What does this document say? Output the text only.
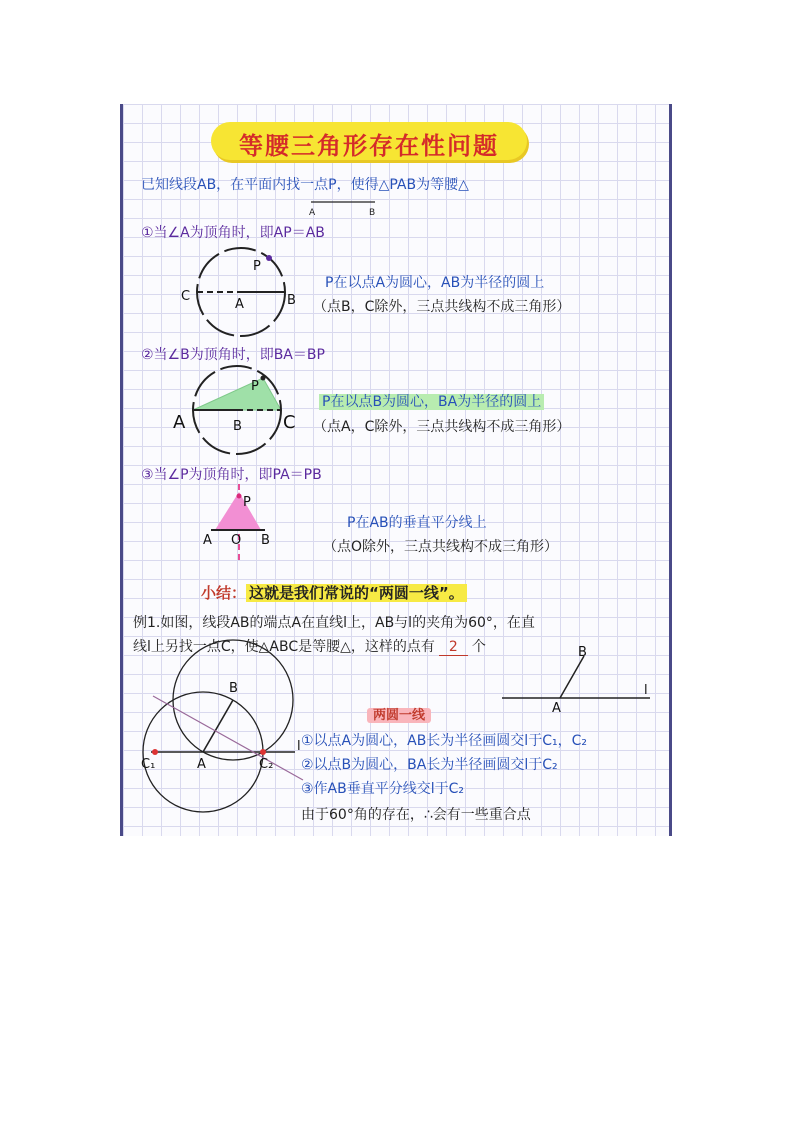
等腰三角形存在性问题
已知线段AB，在平面内找一点P，使得△PAB为等腰△
A	B
①当∠A为顶角时，即AP＝AB
P
A	B
C
P在以点A为圆心，AB为半径的圆上
（点B，C除外，三点共线构不成三角形）
②当∠B为顶角时，即BA＝BP
P
A	B C
P在以点B为圆心，BA为半径的圆上
（点A，C除外，三点共线构不成三角形）
③当∠P为顶角时，即PA＝PB
P
A O B
P在AB的垂直平分线上
（点O除外，三点共线构不成三角形）
小结： 这就是我们常说的“两圆一线”。
例1.如图，线段AB的端点A在直线l上，AB与l的夹角为60°，在直
线l上另找一点C，使△ABC是等腰△，这样的点有 2 个	B
A
l
B
A
C₁	C₂
l
两圆一线
①以点A为圆心，AB长为半径画圆交l于C₁，C₂
②以点B为圆心，BA长为半径画圆交l于C₂
③作AB垂直平分线交l于C₂
由于60°角的存在，∴会有一些重合点
